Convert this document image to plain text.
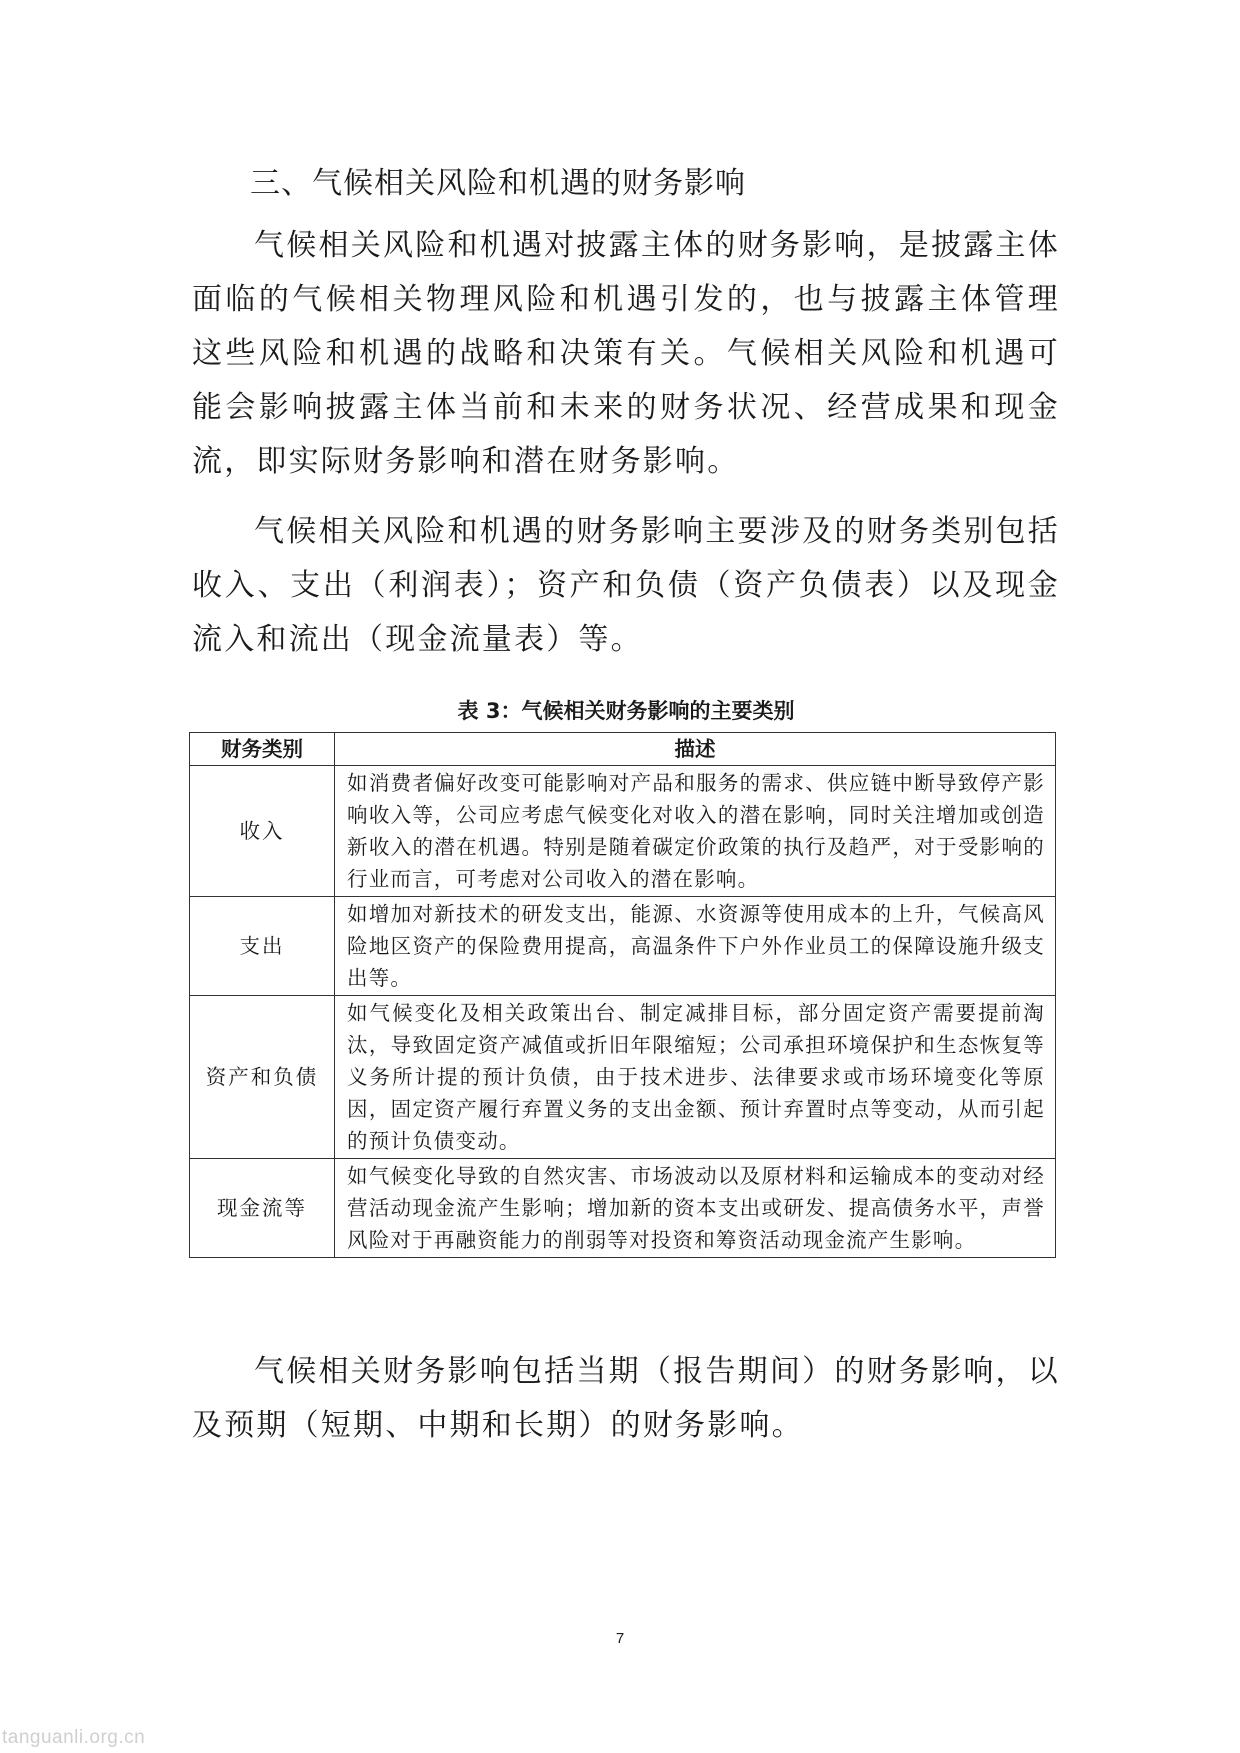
三、气候相关风险和机遇的财务影响

气候相关风险和机遇对披露主体的财务影响，是披露主体面临的气候相关物理风险和机遇引发的，也与披露主体管理这些风险和机遇的战略和决策有关。气候相关风险和机遇可能会影响披露主体当前和未来的财务状况、经营成果和现金流，即实际财务影响和潜在财务影响。

气候相关风险和机遇的财务影响主要涉及的财务类别包括收入、支出（利润表）；资产和负债（资产负债表）以及现金流入和流出（现金流量表）等。

表 3：气候相关财务影响的主要类别

财务类别	描述
收入	如消费者偏好改变可能影响对产品和服务的需求、供应链中断导致停产影响收入等，公司应考虑气候变化对收入的潜在影响，同时关注增加或创造新收入的潜在机遇。特别是随着碳定价政策的执行及趋严，对于受影响的行业而言，可考虑对公司收入的潜在影响。
支出	如增加对新技术的研发支出，能源、水资源等使用成本的上升，气候高风险地区资产的保险费用提高，高温条件下户外作业员工的保障设施升级支出等。
资产和负债	如气候变化及相关政策出台、制定减排目标，部分固定资产需要提前淘汰，导致固定资产减值或折旧年限缩短；公司承担环境保护和生态恢复等义务所计提的预计负债，由于技术进步、法律要求或市场环境变化等原因，固定资产履行弃置义务的支出金额、预计弃置时点等变动，从而引起的预计负债变动。
现金流等	如气候变化导致的自然灾害、市场波动以及原材料和运输成本的变动对经营活动现金流产生影响；增加新的资本支出或研发、提高债务水平，声誉风险对于再融资能力的削弱等对投资和筹资活动现金流产生影响。

气候相关财务影响包括当期（报告期间）的财务影响，以及预期（短期、中期和长期）的财务影响。

7
tanguanli.org.cn
